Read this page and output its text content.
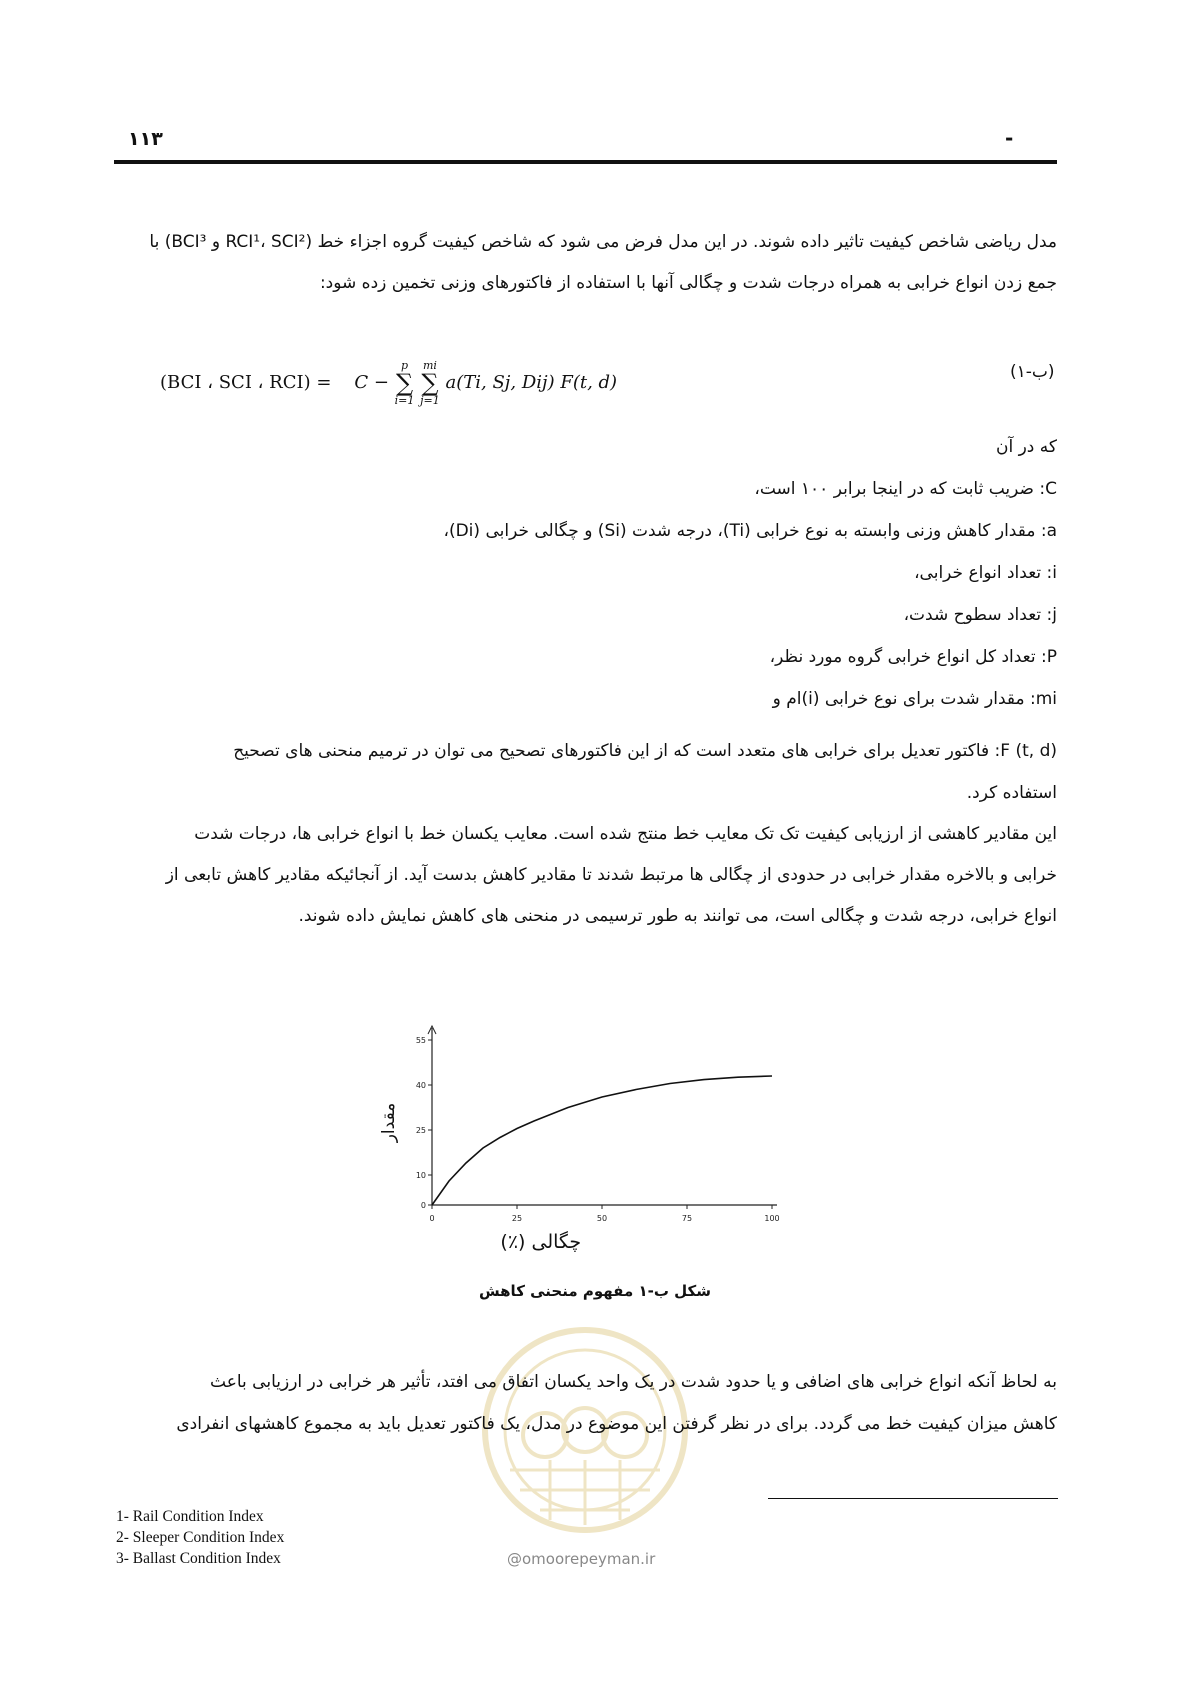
۱۱۳	-
مدل ریاضی شاخص کیفیت تاثیر داده شوند. در این مدل فرض می شود که شاخص کیفیت گروه اجزاء خط (RCI¹، SCI² و BCI³) با
جمع زدن انواع خرابی به همراه درجات شدت و چگالی آنها با استفاده از فاکتورهای وزنی تخمین زده شود:
(BCI ، SCI ، RCI) = C −
p
∑
i=1

mi
∑
j=1
a(Ti, Sj, Dij) F(t, d)	(ب-۱)
که در آن
C: ضریب ثابت که در اینجا برابر ۱۰۰ است،
a: مقدار کاهش وزنی وابسته به نوع خرابی (Ti)، درجه شدت (Si) و چگالی خرابی (Di)،
i: تعداد انواع خرابی،
j: تعداد سطوح شدت،
P: تعداد کل انواع خرابی گروه مورد نظر،
mi: مقدار شدت برای نوع خرابی (i)ام و
F (t, d): فاکتور تعدیل برای خرابی های متعدد است که از این فاکتورهای تصحیح می توان در ترمیم منحنی های تصحیح
استفاده کرد.
این مقادیر کاهشی از ارزیابی کیفیت تک تک معایب خط منتج شده است. معایب یکسان خط با انواع خرابی ها، درجات شدت
خرابی و بالاخره مقدار خرابی در حدودی از چگالی ها مرتبط شدند تا مقادیر کاهش بدست آید. از آنجائیکه مقادیر کاهش تابعی از
انواع خرابی، درجه شدت و چگالی است، می توانند به طور ترسیمی در منحنی های کاهش نمایش داده شوند.
0	25	50	75	100
0
10
25
40
55
چگالی (٪)
مقدار
شکل ب-۱ مفهوم منحنی کاهش
@omoorepeyman.ir
به لحاظ آنکه انواع خرابی های اضافی و یا حدود شدت در یک واحد یکسان اتفاق می افتد، تأثیر هر خرابی در ارزیابی باعث
کاهش میزان کیفیت خط می گردد. برای در نظر گرفتن این موضوع در مدل، یک فاکتور تعدیل باید به مجموع کاهشهای انفرادی
1- Rail Condition Index
2- Sleeper Condition Index
3- Ballast Condition Index
